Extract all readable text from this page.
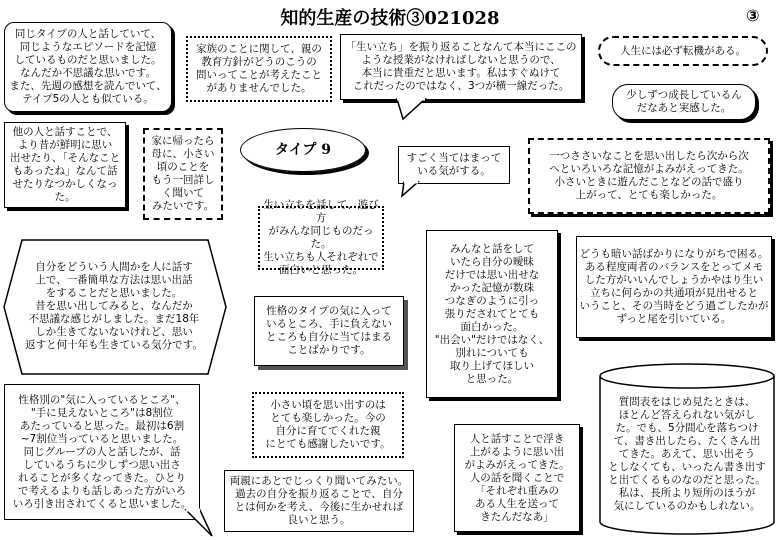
知的生産の技術③021028	③
同じタイプの人と話していて、
同じようなエピソードを記憶
しているものだと思いました。
なんだか不思議な思いです。
また、先週の感想を読んでいて、
テイプ5の人とも似ている。
家族のことに関して、親の
教育方針がどうのこうの
問いってことが考えたこと
がありませんでした。
「生い立ち」を振り返ることなんて本当にここの
ような授業がなければしないと思うので、
本当に貴重だと思います。私はすぐぬけて
これだったのではなく、3つが横一線だった。
人生には必ず転機がある。
少しずつ成長しているん
だなあと実感した。
他の人と話すことで、
より昔が鮮明に思い
出せたり、「そんなこと
もあったね」なんて話
せたりなつかしくなった。
家に帰ったら
母に、小さい
頃のことを
もう一回詳し
く聞いて
みたいです。
タイプ 9
すごく当てはまって
いる気がする。
一つささいなことを思い出したら次から次
へといろいろな記憶がよみがえってきた。
小さいときに遊んだことなどの話で盛り
上がって、とても楽しかった。
生い立ちを話して、遊び方
がみんな同じものだった。
生い立ちも人それぞれで
面白いと思った。
自分をどういう人間かを人に話す
上で、一番簡単な方法は思い出話
をすることだと思いました。
昔を思い出してみると、なんだか
不思議な感じがしました。まだ18年
しか生きてないないけれど、思い
返すと何十年も生きている気分です。
性格のタイプの気に入って
いるところ、手に負えない
ところも自分に当てはまる
ことばかりです。
みんなと話をして
いたら自分の曖昧
だけでは思い出せな
かった記憶が数珠
つなぎのように引っ
張りだされてとても
面白かった。
"出会い"だけではなく、
別れについても
取り上げてほしい
と思った。
どうも暗い話ばかりになりがちで困る。
ある程度両者のバランスをとってメモ
した方がいいんでしょうかやはり生い
立ちに何らかの共通項が見出せると
いうこと、その当時をどう過ごしたかが
ずっと尾を引いている。
性格別の"気に入っているところ"、
"手に見えないところ"は8割位
あたっていると思った。最初は6割
~7割位当っていると思いました。
同じグループの人と話したが、話
しているうちに少しずつ思い出さ
れることが多くなってきた。ひとり
で考えるよりも話しあった方がいろ
いろ引き出されてくると思いました。
小さい頃を思い出すのは
とても楽しかった。今の
自分に育ててくれた親
にとても感謝したいです。
両親にあとでじっくり聞いてみたい。
過去の自分を振り返ることで、自分
とは何かを考え、今後に生かせれば
良いと思う。
人と話すことで浮き
上がるように思い出
がよみがえってきた。
人の話を聞くことで
「それぞれ重みの
ある人生を送って
きたんだなあ」
質問表をはじめ見たときは、
ほとんど答えられない気がし
た。でも、5分間心を落ちつけ
て、書き出したら、たくさん出
てきた。あえて、思い出そう
としなくても、いったん書き出す
と出てくるものなのだと思った。
私は、長所より短所のほうが
気にしているのかもしれない。
